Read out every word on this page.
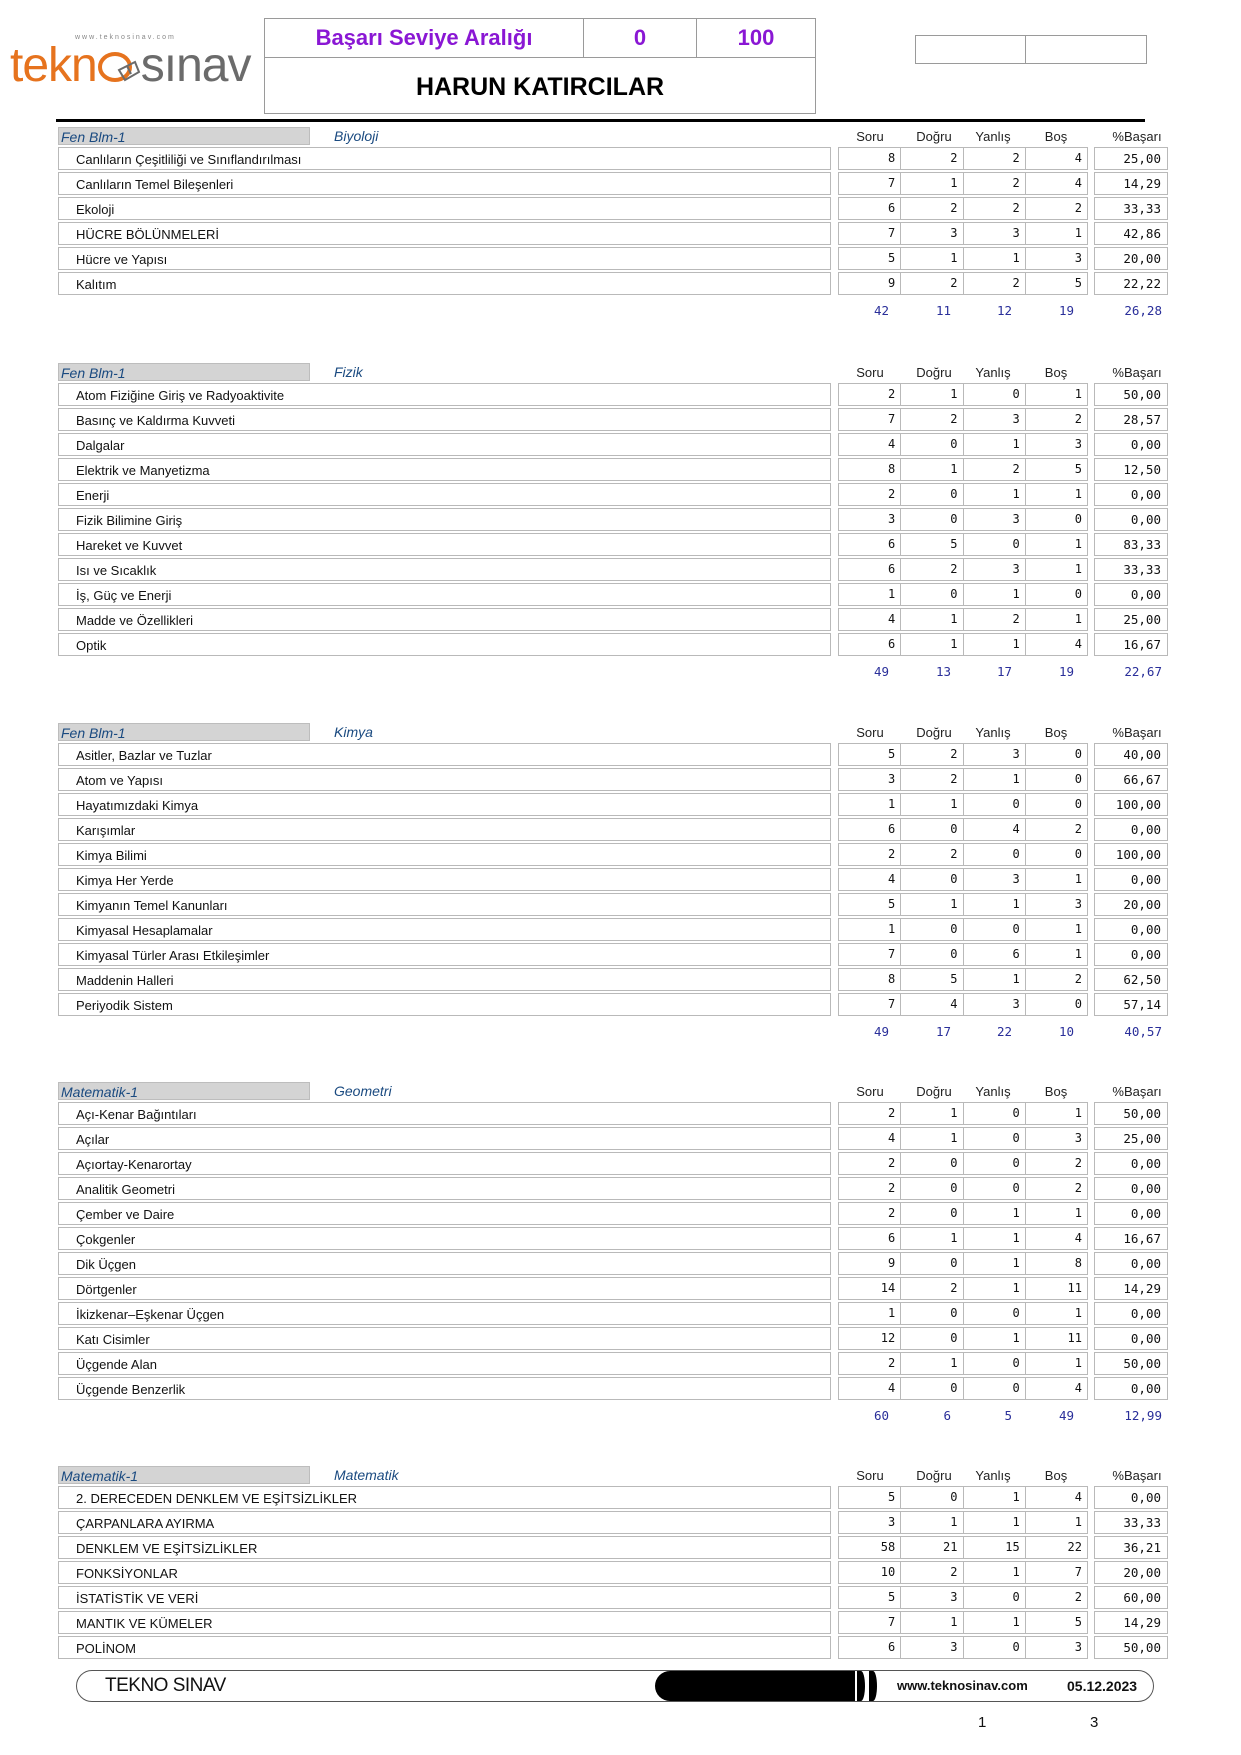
www.teknosinav.com
tekn sınav
Başarı Seviye Aralığı	0	100
HARUN KATIRCILAR
Fen Blm-1	Biyoloji	Soru	Doğru	Yanlış	Boş	%Başarı
Canlıların Çeşitliliği ve Sınıflandırılması	8	2	2	4	25,00
Canlıların Temel Bileşenleri	7	1	2	4	14,29
Ekoloji	6	2	2	2	33,33
HÜCRE BÖLÜNMELERİ	7	3	3	1	42,86
Hücre ve Yapısı	5	1	1	3	20,00
Kalıtım	9	2	2	5	22,22
42	11	12	19	26,28
Fen Blm-1	Fizik	Soru	Doğru	Yanlış	Boş	%Başarı
Atom Fiziğine Giriş ve Radyoaktivite	2	1	0	1	50,00
Basınç ve Kaldırma Kuvveti	7	2	3	2	28,57
Dalgalar	4	0	1	3	0,00
Elektrik ve Manyetizma	8	1	2	5	12,50
Enerji	2	0	1	1	0,00
Fizik Bilimine Giriş	3	0	3	0	0,00
Hareket ve Kuvvet	6	5	0	1	83,33
Isı ve Sıcaklık	6	2	3	1	33,33
İş, Güç ve Enerji	1	0	1	0	0,00
Madde ve Özellikleri	4	1	2	1	25,00
Optik	6	1	1	4	16,67
49	13	17	19	22,67
Fen Blm-1	Kimya	Soru	Doğru	Yanlış	Boş	%Başarı
Asitler, Bazlar ve Tuzlar	5	2	3	0	40,00
Atom ve Yapısı	3	2	1	0	66,67
Hayatımızdaki Kimya	1	1	0	0	100,00
Karışımlar	6	0	4	2	0,00
Kimya Bilimi	2	2	0	0	100,00
Kimya Her Yerde	4	0	3	1	0,00
Kimyanın Temel Kanunları	5	1	1	3	20,00
Kimyasal Hesaplamalar	1	0	0	1	0,00
Kimyasal Türler Arası Etkileşimler	7	0	6	1	0,00
Maddenin Halleri	8	5	1	2	62,50
Periyodik Sistem	7	4	3	0	57,14
49	17	22	10	40,57
Matematik-1	Geometri	Soru	Doğru	Yanlış	Boş	%Başarı
Açı-Kenar Bağıntıları	2	1	0	1	50,00
Açılar	4	1	0	3	25,00
Açıortay-Kenarortay	2	0	0	2	0,00
Analitik Geometri	2	0	0	2	0,00
Çember ve Daire	2	0	1	1	0,00
Çokgenler	6	1	1	4	16,67
Dik Üçgen	9	0	1	8	0,00
Dörtgenler	14	2	1	11	14,29
İkizkenar–Eşkenar Üçgen	1	0	0	1	0,00
Katı Cisimler	12	0	1	11	0,00
Üçgende Alan	2	1	0	1	50,00
Üçgende Benzerlik	4	0	0	4	0,00
60	6	5	49	12,99
Matematik-1	Matematik	Soru	Doğru	Yanlış	Boş	%Başarı
2. DERECEDEN DENKLEM VE EŞİTSİZLİKLER	5	0	1	4	0,00
ÇARPANLARA AYIRMA	3	1	1	1	33,33
DENKLEM VE EŞİTSİZLİKLER	58	21	15	22	36,21
FONKSİYONLAR	10	2	1	7	20,00
İSTATİSTİK VE VERİ	5	3	0	2	60,00
MANTIK VE KÜMELER	7	1	1	5	14,29
POLİNOM	6	3	0	3	50,00
TEKNO SINAV	www.teknosinav.com	05.12.2023
1	3
